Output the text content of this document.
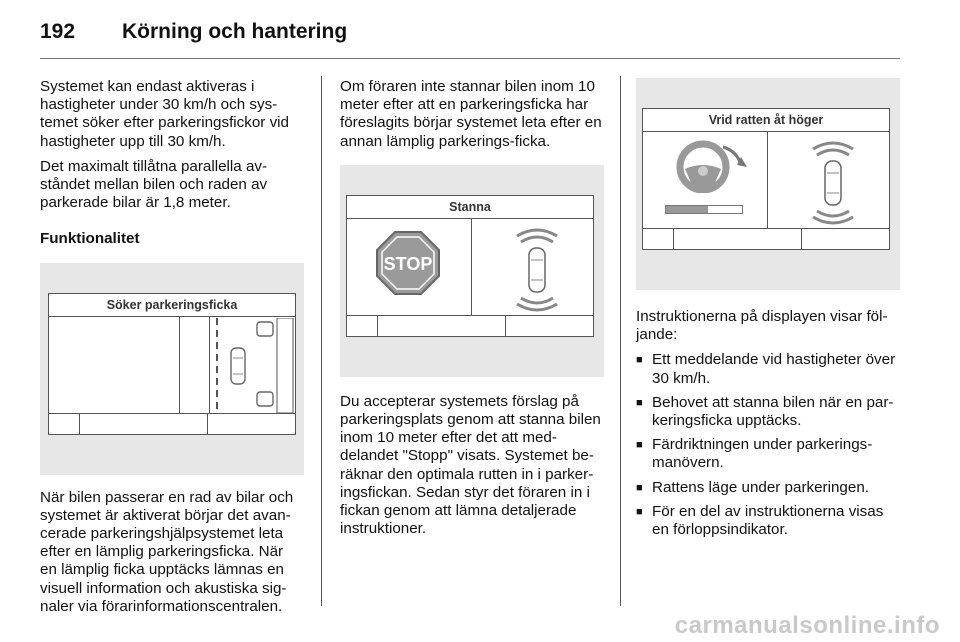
192 Körning och hantering

Systemet kan endast aktiveras i hastigheter under 30 km/h och sys-temet söker efter parkeringsfickor vid hastigheter upp till 30 km/h.

Det maximalt tillåtna parallella av-ståndet mellan bilen och raden av parkerade bilar är 1,8 meter.

Funktionalitet

Söker parkeringsficka

När bilen passerar en rad av bilar och systemet är aktiverat börjar det avan-cerade parkeringshjälpsystemet leta efter en lämplig parkeringsficka. När en lämplig ficka upptäcks lämnas en visuell information och akustiska sig-naler via förarinformationscentralen.

Om föraren inte stannar bilen inom 10 meter efter att en parkeringsficka har föreslagits börjar systemet leta efter en annan lämplig parkerings-ficka.

Stanna
STOP

Du accepterar systemets förslag på parkeringsplats genom att stanna bilen inom 10 meter efter det att med-delandet "Stopp" visats. Systemet be-räknar den optimala rutten in i parker-ingsfickan. Sedan styr det föraren in i fickan genom att lämna detaljerade instruktioner.

Vrid ratten åt höger

Instruktionerna på displayen visar föl-jande:

■ Ett meddelande vid hastigheter över 30 km/h.
■ Behovet att stanna bilen när en par-keringsficka upptäcks.
■ Färdriktningen under parkerings-manövern.
■ Rattens läge under parkeringen.
■ För en del av instruktionerna visas en förloppsindikator.
carmanualsonline.info
